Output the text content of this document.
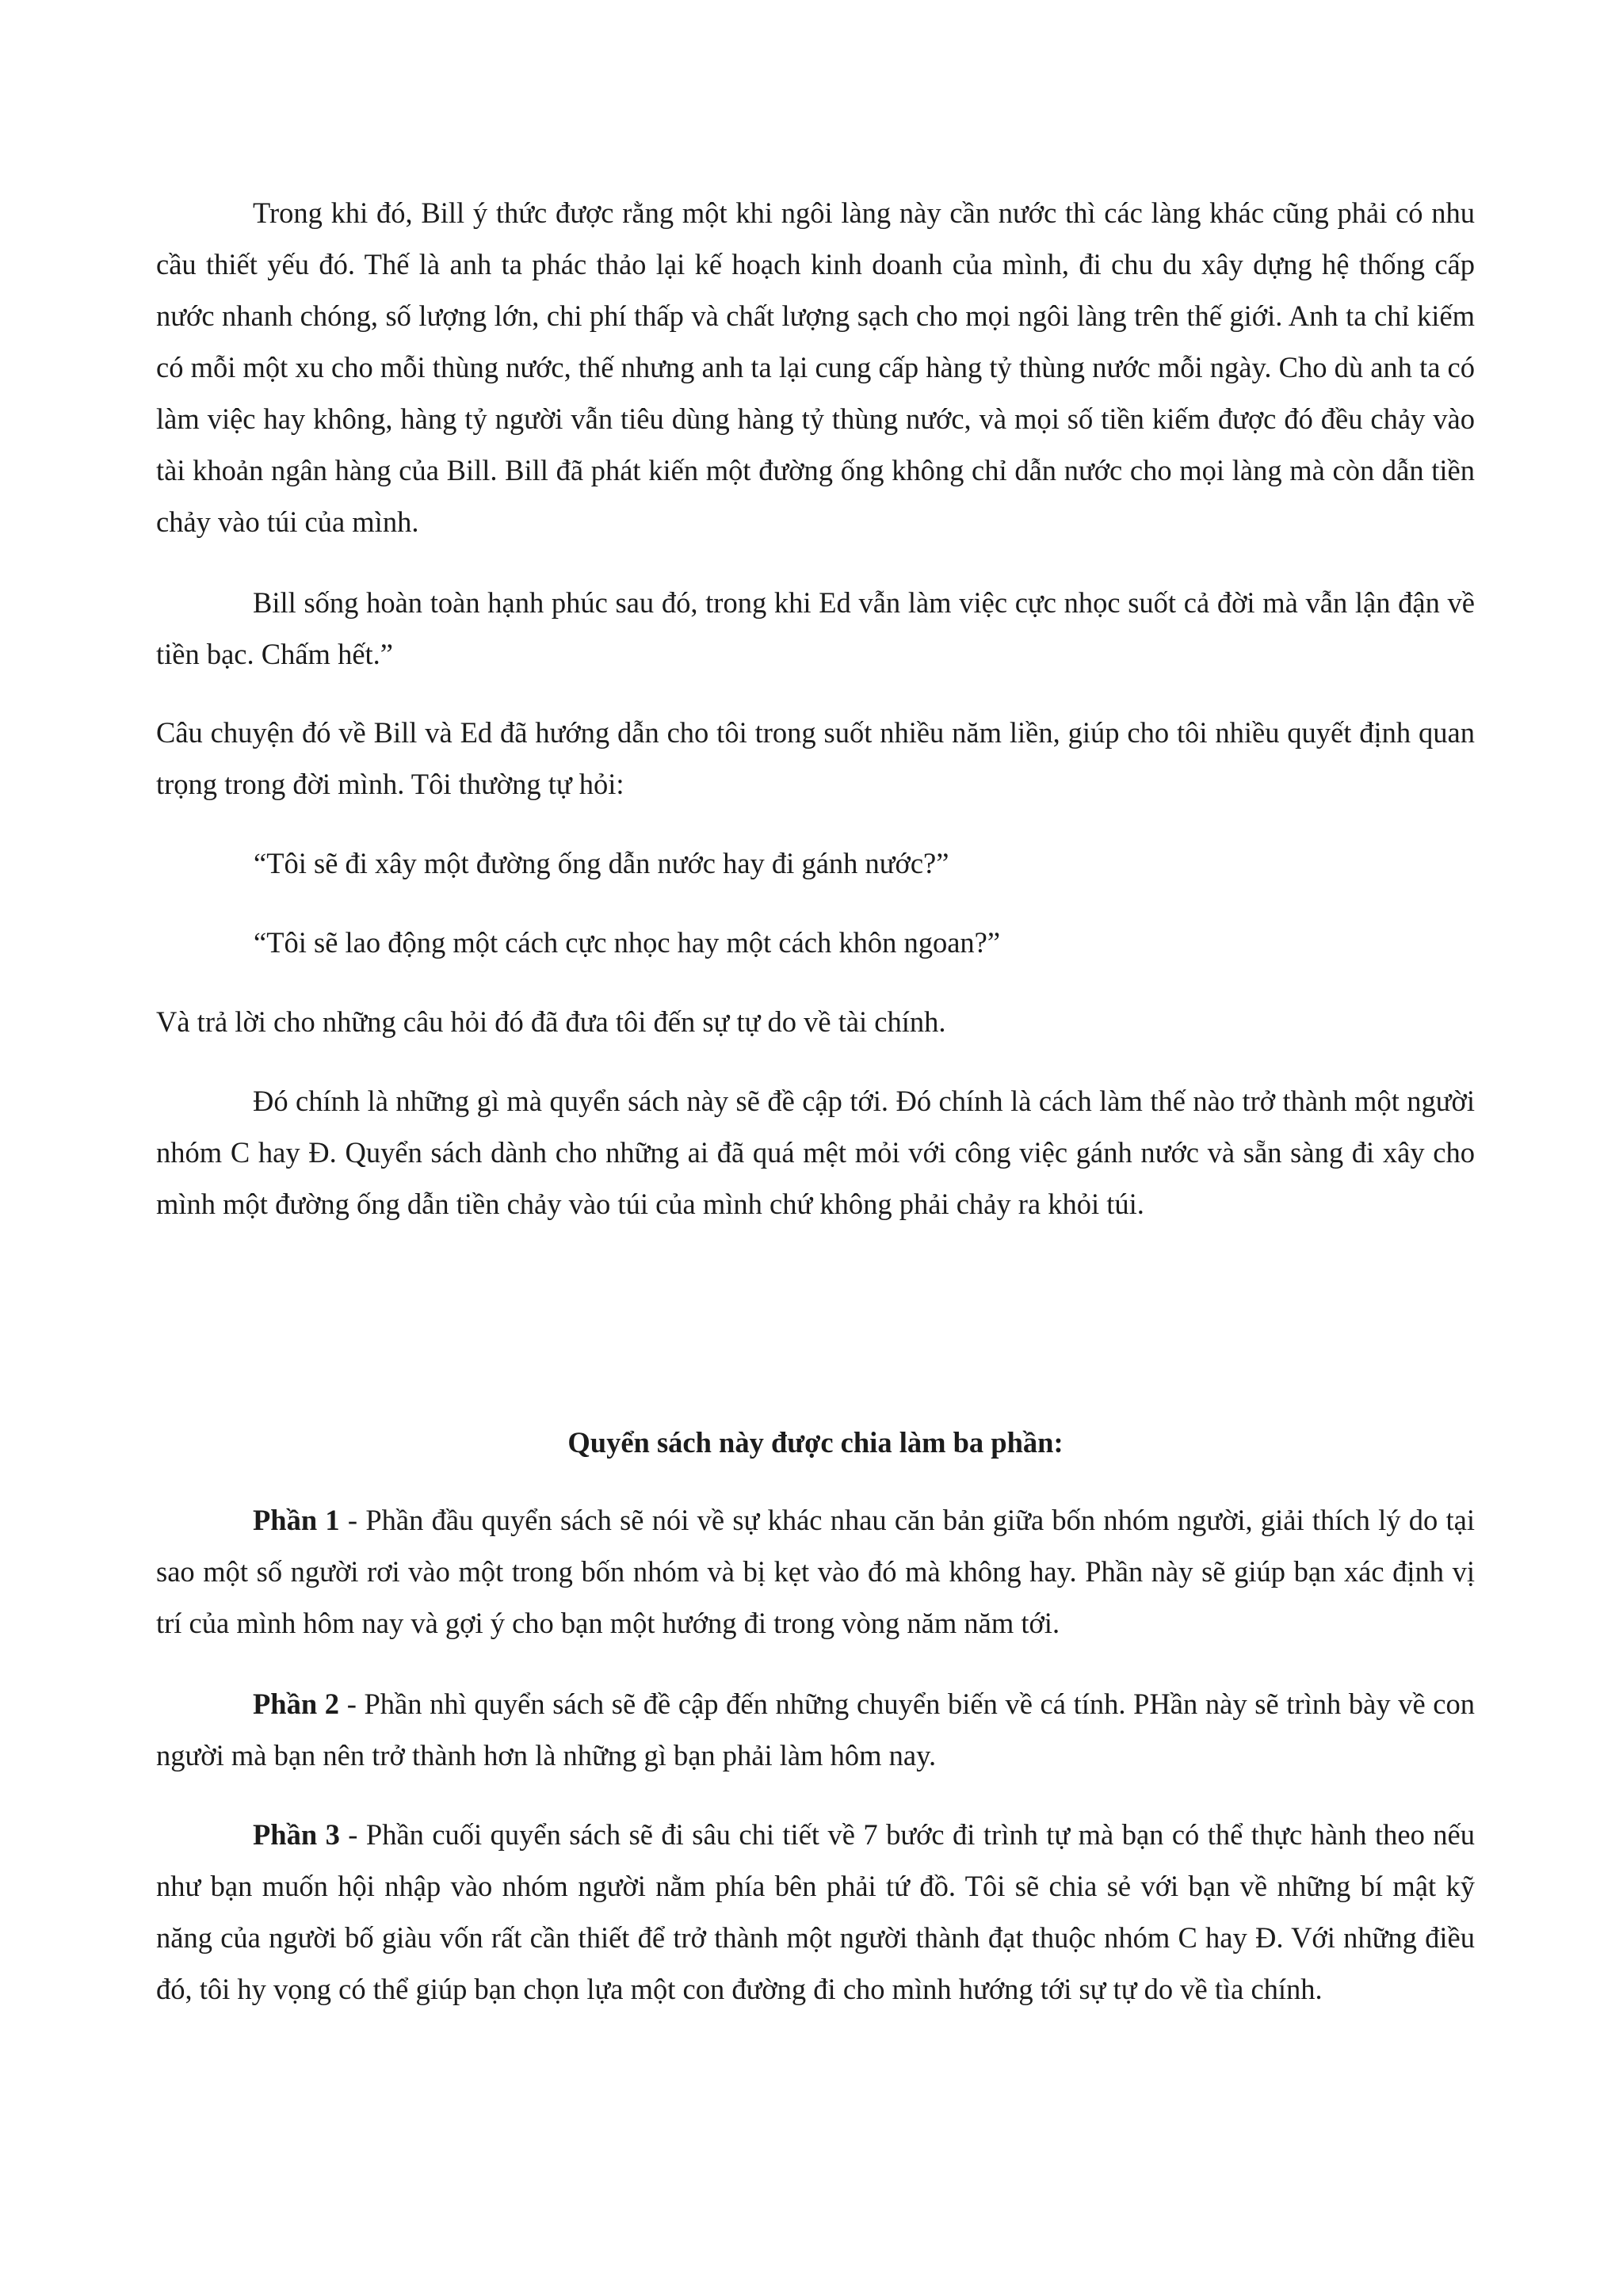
Trong khi đó, Bill ý thức được rằng một khi ngôi làng này cần nước thì các làng khác cũng phải có nhu cầu thiết yếu đó. Thế là anh ta phác thảo lại kế hoạch kinh doanh của mình, đi chu du xây dựng hệ thống cấp nước nhanh chóng, số lượng lớn, chi phí thấp và chất lượng sạch cho mọi ngôi làng trên thế giới. Anh ta chỉ kiếm có mỗi một xu cho mỗi thùng nước, thế nhưng anh ta lại cung cấp hàng tỷ thùng nước mỗi ngày. Cho dù anh ta có làm việc hay không, hàng tỷ người vẫn tiêu dùng hàng tỷ thùng nước, và mọi số tiền kiếm được đó đều chảy vào tài khoản ngân hàng của Bill. Bill đã phát kiến một đường ống không chỉ dẫn nước cho mọi làng mà còn dẫn tiền chảy vào túi của mình.

Bill sống hoàn toàn hạnh phúc sau đó, trong khi Ed vẫn làm việc cực nhọc suốt cả đời mà vẫn lận đận về tiền bạc. Chấm hết.”

Câu chuyện đó về Bill và Ed đã hướng dẫn cho tôi trong suốt nhiều năm liền, giúp cho tôi nhiều quyết định quan trọng trong đời mình. Tôi thường tự hỏi:

“Tôi sẽ đi xây một đường ống dẫn nước hay đi gánh nước?”

“Tôi sẽ lao động một cách cực nhọc hay một cách khôn ngoan?”

Và trả lời cho những câu hỏi đó đã đưa tôi đến sự tự do về tài chính.

Đó chính là những gì mà quyển sách này sẽ đề cập tới. Đó chính là cách làm thế nào trở thành một người nhóm C hay Đ. Quyển sách dành cho những ai đã quá mệt mỏi với công việc gánh nước và sẵn sàng đi xây cho mình một đường ống dẫn tiền chảy vào túi của mình chứ không phải chảy ra khỏi túi.

Quyển sách này được chia làm ba phần:

Phần 1 - Phần đầu quyển sách sẽ nói về sự khác nhau căn bản giữa bốn nhóm người, giải thích lý do tại sao một số người rơi vào một trong bốn nhóm và bị kẹt vào đó mà không hay. Phần này sẽ giúp bạn xác định vị trí của mình hôm nay và gợi ý cho bạn một hướng đi trong vòng năm năm tới.

Phần 2 - Phần nhì quyển sách sẽ đề cập đến những chuyển biến về cá tính. PHần này sẽ trình bày về con người mà bạn nên trở thành hơn là những gì bạn phải làm hôm nay.

Phần 3 - Phần cuối quyển sách sẽ đi sâu chi tiết về 7 bước đi trình tự mà bạn có thể thực hành theo nếu như bạn muốn hội nhập vào nhóm người nằm phía bên phải tứ đồ. Tôi sẽ chia sẻ với bạn về những bí mật kỹ năng của người bố giàu vốn rất cần thiết để trở thành một người thành đạt thuộc nhóm C hay Đ. Với những điều đó, tôi hy vọng có thể giúp bạn chọn lựa một con đường đi cho mình hướng tới sự tự do về tìa chính.
